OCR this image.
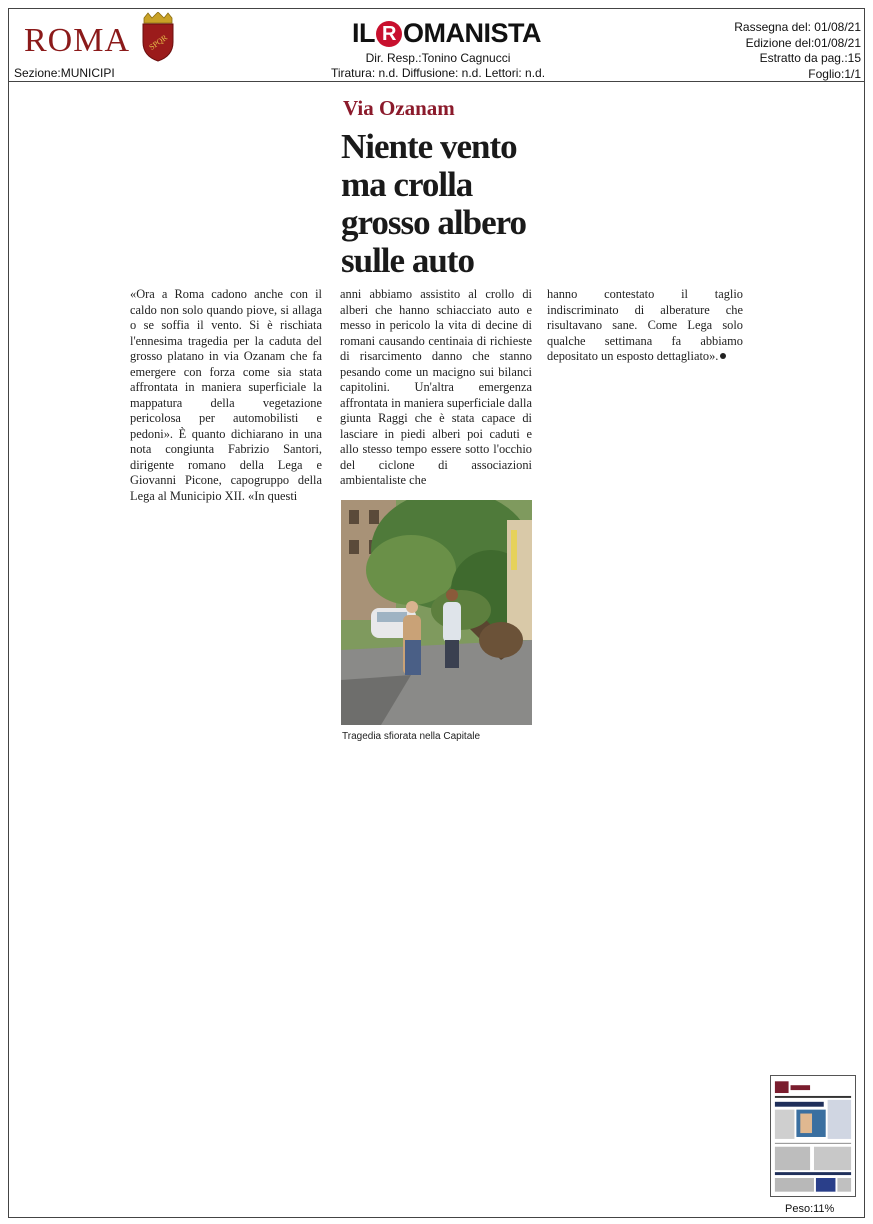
ROMA SPQR
Sezione:MUNICIPI
IL R OMANISTA
Dir. Resp.:Tonino Cagnucci
Tiratura: n.d. Diffusione: n.d. Lettori: n.d.
Rassegna del: 01/08/21
Edizione del:01/08/21
Estratto da pag.:15
Foglio:1/1
Via Ozanam
Niente vento ma crolla grosso albero sulle auto

«Ora a Roma cadono anche con il caldo non solo quando piove, si allaga o se soffia il vento. Si è rischiata l'ennesima tragedia per la caduta del grosso platano in via Ozanam che fa emergere con forza come sia stata affrontata in maniera superficiale la mappatura della vegetazione pericolosa per automobilisti e pedoni». È quanto dichiarano in una nota congiunta Fabrizio Santori, dirigente romano della Lega e Giovanni Picone, capogruppo della Lega al Municipio XII. «In questi

anni abbiamo assistito al crollo di alberi che hanno schiacciato auto e messo in pericolo la vita di decine di romani causando centinaia di richieste di risarcimento danno che stanno pesando come un macigno sui bilanci capitolini. Un'altra emergenza affrontata in maniera superficiale dalla giunta Raggi che è stata capace di lasciare in piedi alberi poi caduti e allo stesso tempo essere sotto l'occhio del ciclone di associazioni ambientaliste che

hanno contestato il taglio indiscriminato di alberature che risultavano sane. Come Lega solo qualche settimana fa abbiamo depositato un esposto dettagliato».

Tragedia sfiorata nella Capitale
Peso:11%
